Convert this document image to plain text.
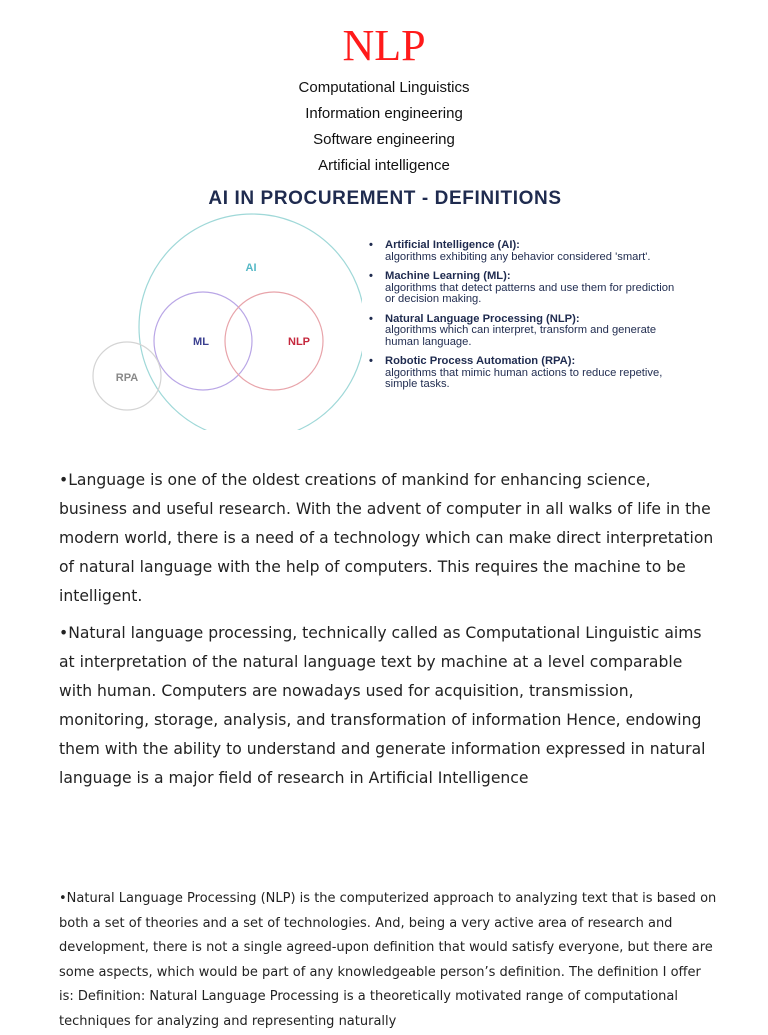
NLP
Computational Linguistics
Information engineering
Software engineering
Artificial intelligence
AI IN PROCUREMENT - DEFINITIONS
AI
ML	NLP
RPA
• Artificial Intelligence (AI):
algorithms exhibiting any behavior considered 'smart'.
• Machine Learning (ML):
algorithms that detect patterns and use them for prediction or decision making.
• Natural Language Processing (NLP):
algorithms which can interpret, transform and generate human language.
• Robotic Process Automation (RPA):
algorithms that mimic human actions to reduce repetive, simple tasks.
•Language is one of the oldest creations of mankind for enhancing science, business and useful research. With the advent of computer in all walks of life in the modern world, there is a need of a technology which can make direct interpretation of natural language with the help of computers. This requires the machine to be intelligent.
•Natural language processing, technically called as Computational Linguistic aims at interpretation of the natural language text by machine at a level comparable with human. Computers are nowadays used for acquisition, transmission, monitoring, storage, analysis, and transformation of information Hence, endowing them with the ability to understand and generate information expressed in natural language is a major field of research in Artificial Intelligence
•Natural Language Processing (NLP) is the computerized approach to analyzing text that is based on both a set of theories and a set of technologies. And, being a very active area of research and development, there is not a single agreed-upon definition that would satisfy everyone, but there are some aspects, which would be part of any knowledgeable person’s definition. The definition I offer is: Definition: Natural Language Processing is a theoretically motivated range of computational techniques for analyzing and representing naturally
